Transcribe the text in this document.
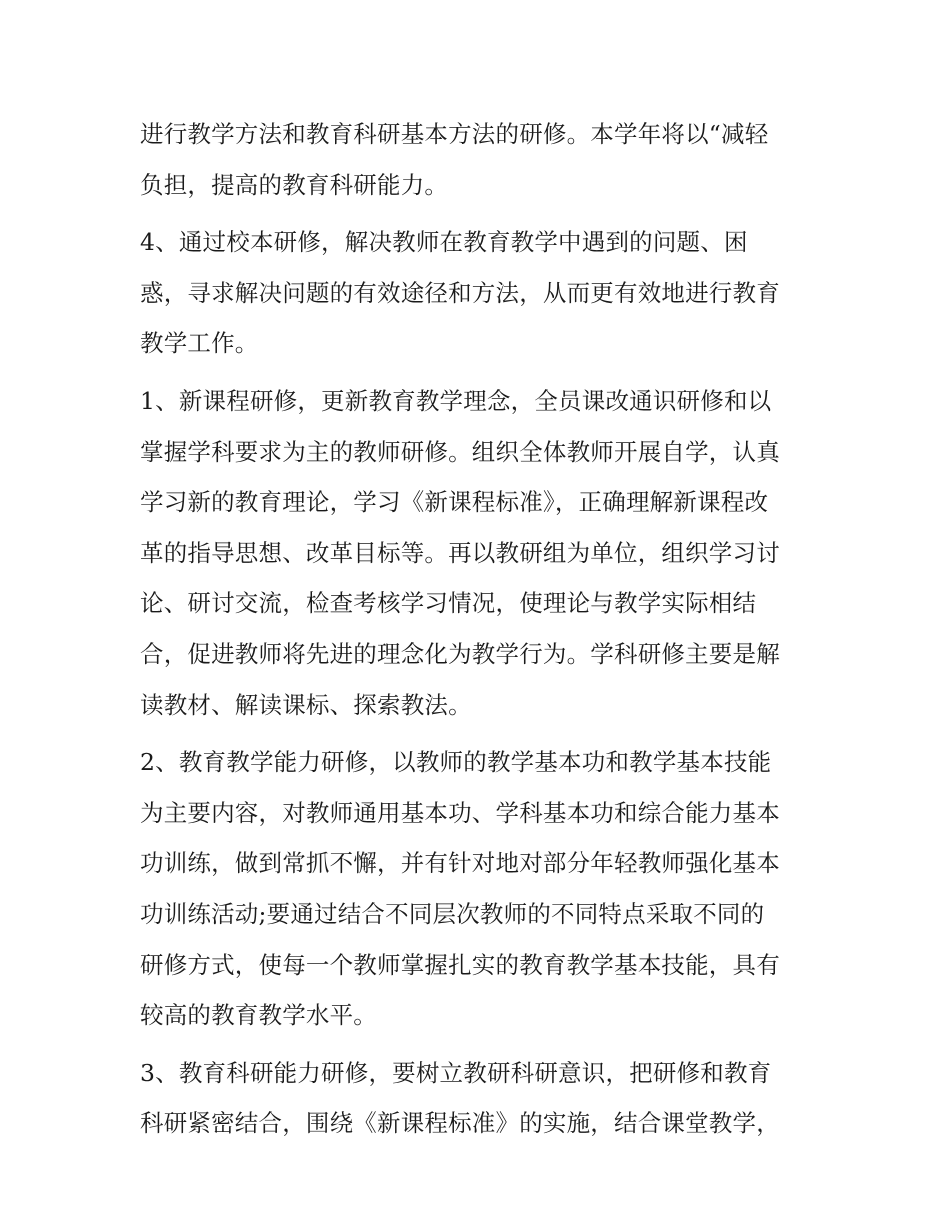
进行教学方法和教育科研基本方法的研修。本学年将以“减轻
负担，提高的教育科研能力。

4、通过校本研修，解决教师在教育教学中遇到的问题、困
惑，寻求解决问题的有效途径和方法，从而更有效地进行教育
教学工作。

1、新课程研修，更新教育教学理念，全员课改通识研修和以
掌握学科要求为主的教师研修。组织全体教师开展自学，认真
学习新的教育理论，学习《新课程标准》，正确理解新课程改
革的指导思想、改革目标等。再以教研组为单位，组织学习讨
论、研讨交流，检查考核学习情况，使理论与教学实际相结
合，促进教师将先进的理念化为教学行为。学科研修主要是解
读教材、解读课标、探索教法。

2、教育教学能力研修，以教师的教学基本功和教学基本技能
为主要内容，对教师通用基本功、学科基本功和综合能力基本
功训练，做到常抓不懈，并有针对地对部分年轻教师强化基本
功训练活动;要通过结合不同层次教师的不同特点采取不同的
研修方式，使每一个教师掌握扎实的教育教学基本技能，具有
较高的教育教学水平。

3、教育科研能力研修，要树立教研科研意识，把研修和教育
科研紧密结合，围绕《新课程标准》的实施，结合课堂教学，
